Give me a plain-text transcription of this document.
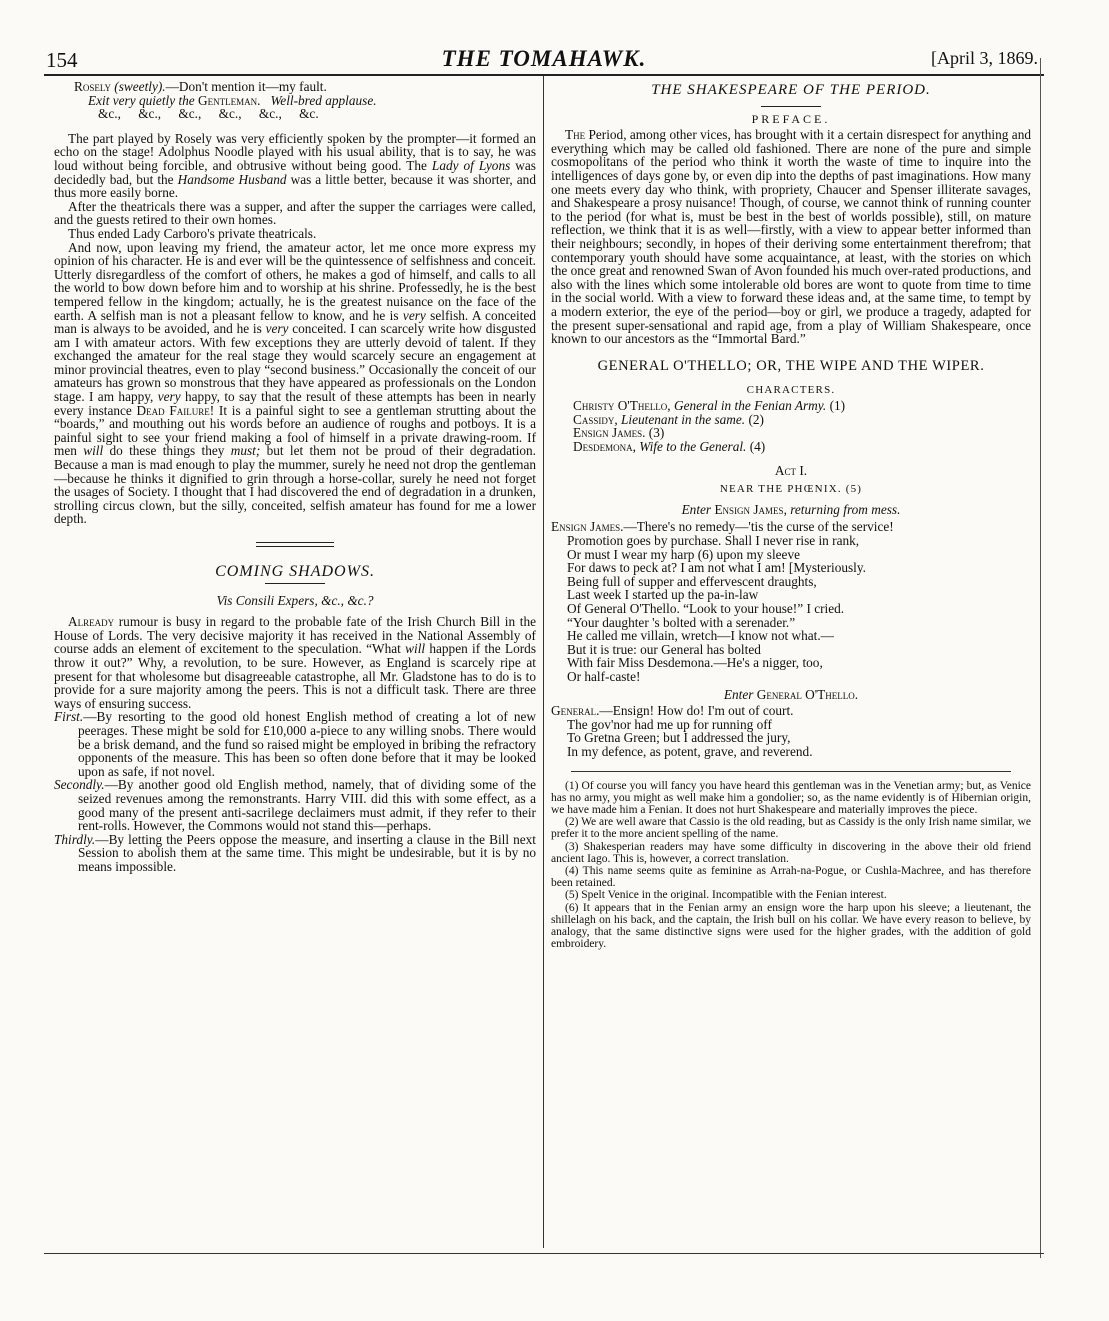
154	THE TOMAHAWK.	[April 3, 1869.

Rosely (sweetly).—Don't mention it—my fault.

Exit very quietly the Gentleman. Well-bred applause.

&c., &c., &c., &c., &c., &c.

The part played by Rosely was very efficiently spoken by the prompter—it formed an echo on the stage! Adolphus Noodle played with his usual ability, that is to say, he was loud without being forcible, and obtrusive without being good. The Lady of Lyons was decidedly bad, but the Handsome Husband was a little better, because it was shorter, and thus more easily borne.

After the theatricals there was a supper, and after the supper the carriages were called, and the guests retired to their own homes.

Thus ended Lady Carboro's private theatricals.

And now, upon leaving my friend, the amateur actor, let me once more express my opinion of his character. He is and ever will be the quintessence of selfishness and conceit. Utterly disregardless of the comfort of others, he makes a god of himself, and calls to all the world to bow down before him and to worship at his shrine. Professedly, he is the best tempered fellow in the kingdom; actually, he is the greatest nuisance on the face of the earth. A selfish man is not a pleasant fellow to know, and he is very selfish. A conceited man is always to be avoided, and he is very conceited. I can scarcely write how disgusted am I with amateur actors. With few exceptions they are utterly devoid of talent. If they exchanged the amateur for the real stage they would scarcely secure an engagement at minor provincial theatres, even to play “second business.” Occasionally the conceit of our amateurs has grown so monstrous that they have appeared as professionals on the London stage. I am happy, very happy, to say that the result of these attempts has been in nearly every instance Dead Failure! It is a painful sight to see a gentleman strutting about the “boards,” and mouthing out his words before an audience of roughs and potboys. It is a painful sight to see your friend making a fool of himself in a private drawing-room. If men will do these things they must; but let them not be proud of their degradation. Because a man is mad enough to play the mummer, surely he need not drop the gentleman—because he thinks it dignified to grin through a horse-collar, surely he need not forget the usages of Society. I thought that I had discovered the end of degradation in a drunken, strolling circus clown, but the silly, conceited, selfish amateur has found for me a lower depth.

COMING SHADOWS.

Vis Consili Expers, &c., &c.?

Already rumour is busy in regard to the probable fate of the Irish Church Bill in the House of Lords. The very decisive majority it has received in the National Assembly of course adds an element of excitement to the speculation. “What will happen if the Lords throw it out?” Why, a revolution, to be sure. However, as England is scarcely ripe at present for that wholesome but disagreeable catastrophe, all Mr. Gladstone has to do is to provide for a sure majority among the peers. This is not a difficult task. There are three ways of ensuring success.

First.—By resorting to the good old honest English method of creating a lot of new peerages. These might be sold for £10,000 a-piece to any willing snobs. There would be a brisk demand, and the fund so raised might be employed in bribing the refractory opponents of the measure. This has been so often done before that it may be looked upon as safe, if not novel.

Secondly.—By another good old English method, namely, that of dividing some of the seized revenues among the remonstrants. Harry VIII. did this with some effect, as a good many of the present anti-sacrilege declaimers must admit, if they refer to their rent-rolls. However, the Commons would not stand this—perhaps.

Thirdly.—By letting the Peers oppose the measure, and inserting a clause in the Bill next Session to abolish them at the same time. This might be undesirable, but it is by no means impossible.

THE SHAKESPEARE OF THE PERIOD.
PREFACE.

The Period, among other vices, has brought with it a certain disrespect for anything and everything which may be called old fashioned. There are none of the pure and simple cosmopolitans of the period who think it worth the waste of time to inquire into the intelligences of days gone by, or even dip into the depths of past imaginations. How many one meets every day who think, with propriety, Chaucer and Spenser illiterate savages, and Shakespeare a prosy nuisance! Though, of course, we cannot think of running counter to the period (for what is, must be best in the best of worlds possible), still, on mature reflection, we think that it is as well—firstly, with a view to appear better informed than their neighbours; secondly, in hopes of their deriving some entertainment therefrom; that contemporary youth should have some acquaintance, at least, with the stories on which the once great and renowned Swan of Avon founded his much over-rated productions, and also with the lines which some intolerable old bores are wont to quote from time to time in the social world. With a view to forward these ideas and, at the same time, to tempt by a modern exterior, the eye of the period—boy or girl, we produce a tragedy, adapted for the present super-sensational and rapid age, from a play of William Shakespeare, once known to our ancestors as the “Immortal Bard.”

GENERAL O'THELLO; OR, THE WIPE AND THE WIPER.
CHARACTERS.

Christy O'Thello, General in the Fenian Army. (1)

Cassidy, Lieutenant in the same. (2)

Ensign James. (3)

Desdemona, Wife to the General. (4)

Act I.

NEAR THE PHŒNIX. (5)

Enter Ensign James, returning from mess.

Ensign James.—There's no remedy—'tis the curse of the service!

Promotion goes by purchase. Shall I never rise in rank,

Or must I wear my harp (6) upon my sleeve

For daws to peck at? I am not what I am! [Mysteriously.

Being full of supper and effervescent draughts,

Last week I started up the pa-in-law

Of General O'Thello. “Look to your house!” I cried.

“Your daughter 's bolted with a serenader.”

He called me villain, wretch—I know not what.—

But it is true: our General has bolted

With fair Miss Desdemona.—He's a nigger, too,

Or half-caste!

Enter General O'Thello.

General.—Ensign! How do! I'm out of court.

The gov'nor had me up for running off

To Gretna Green; but I addressed the jury,

In my defence, as potent, grave, and reverend.

(1) Of course you will fancy you have heard this gentleman was in the Venetian army; but, as Venice has no army, you might as well make him a gondolier; so, as the name evidently is of Hibernian origin, we have made him a Fenian. It does not hurt Shakespeare and materially improves the piece.

(2) We are well aware that Cassio is the old reading, but as Cassidy is the only Irish name similar, we prefer it to the more ancient spelling of the name.

(3) Shakesperian readers may have some difficulty in discovering in the above their old friend ancient Iago. This is, however, a correct translation.

(4) This name seems quite as feminine as Arrah-na-Pogue, or Cushla-Machree, and has therefore been retained.

(5) Spelt Venice in the original. Incompatible with the Fenian interest.

(6) It appears that in the Fenian army an ensign wore the harp upon his sleeve; a lieutenant, the shillelagh on his back, and the captain, the Irish bull on his collar. We have every reason to believe, by analogy, that the same distinctive signs were used for the higher grades, with the addition of gold embroidery.
